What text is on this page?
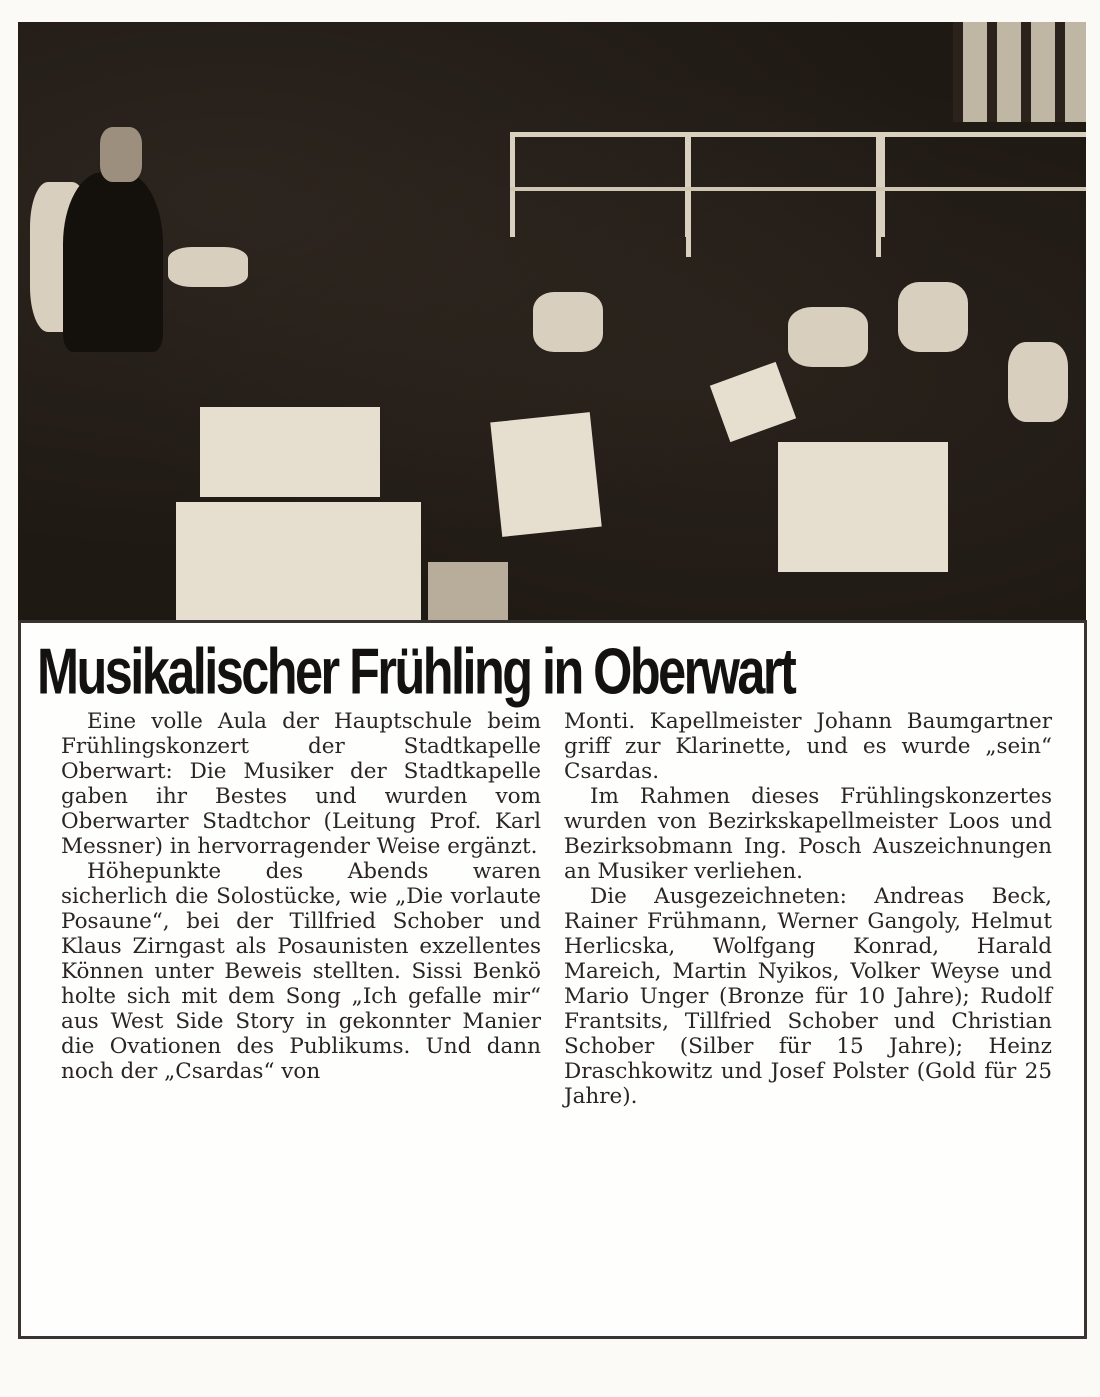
Musikalischer Frühling in Oberwart

Eine volle Aula der Hauptschule beim Frühlingskonzert der Stadtkapelle Oberwart: Die Musiker der Stadtkapelle gaben ihr Bestes und wurden vom Oberwarter Stadtchor (Leitung Prof. Karl Messner) in hervorragender Weise ergänzt.

Höhepunkte des Abends waren sicherlich die Solostücke, wie „Die vorlaute Posaune“, bei der Tillfried Schober und Klaus Zirngast als Posaunisten exzellentes Können unter Beweis stellten. Sissi Benkö holte sich mit dem Song „Ich gefalle mir“ aus West Side Story in gekonnter Manier die Ovationen des Publikums. Und dann noch der „Csardas“ von

Monti. Kapellmeister Johann Baumgartner griff zur Klarinette, und es wurde „sein“ Csardas.

Im Rahmen dieses Frühlingskonzertes wurden von Bezirkskapellmeister Loos und Bezirksobmann Ing. Posch Auszeichnungen an Musiker verliehen.

Die Ausgezeichneten: Andreas Beck, Rainer Frühmann, Werner Gangoly, Helmut Herlicska, Wolfgang Konrad, Harald Mareich, Martin Nyikos, Volker Weyse und Mario Unger (Bronze für 10 Jahre); Rudolf Frantsits, Tillfried Schober und Christian Schober (Silber für 15 Jahre); Heinz Draschkowitz und Josef Polster (Gold für 25 Jahre).
